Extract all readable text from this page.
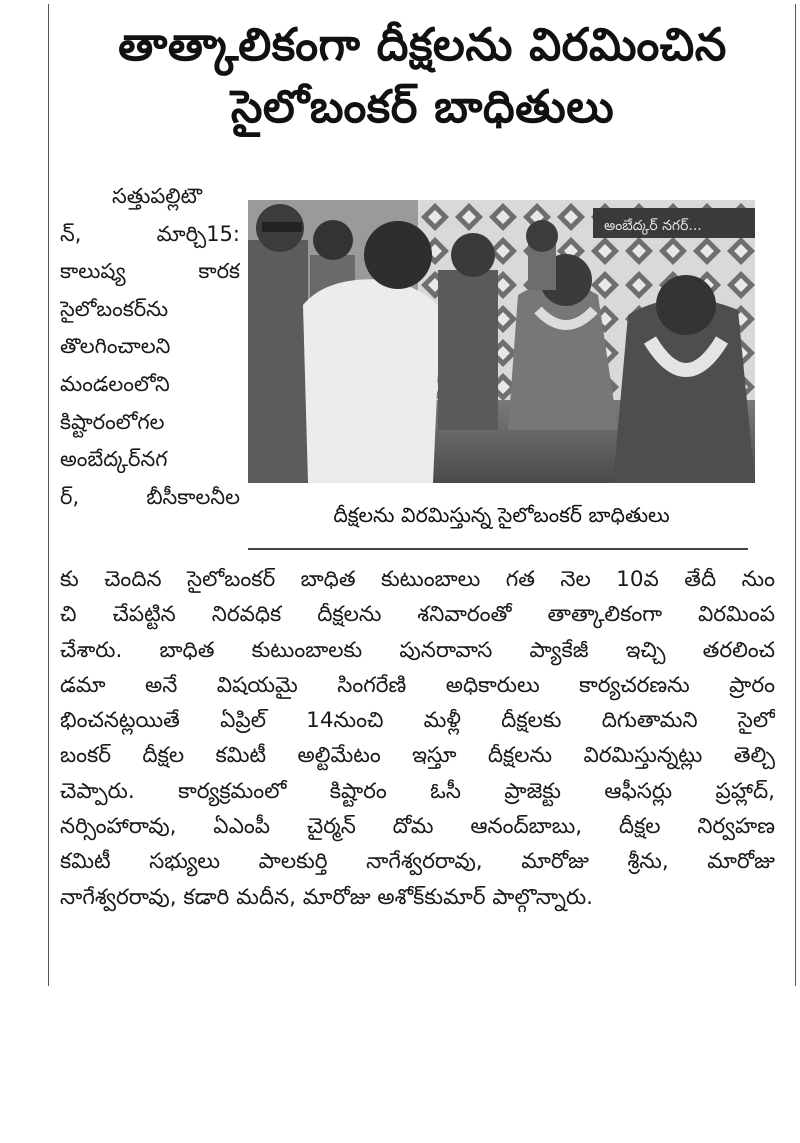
తాత్కాలికంగా దీక్షలను విరమించిన
సైలోబంకర్ బాధితులు
సత్తుపల్లిటౌ
న్, మార్చి15:
కాలుష్య కారక
సైలోబంకర్‌ను
తొలగించాలని
మండలంలోని
కిష్టారంలోగల
అంబేద్కర్‌నగ
ర్, బీసీకాలనీల
అంబేద్కర్ నగర్...
దీక్షలను విరమిస్తున్న సైలోబంకర్ బాధితులు
కు చెందిన సైలోబంకర్ బాధిత కుటుంబాలు గత నెల 10వ తేదీ నుం
చి చేపట్టిన నిరవధిక దీక్షలను శనివారంతో తాత్కాలికంగా విరమింప
చేశారు. బాధిత కుటుంబాలకు పునరావాస ప్యాకేజీ ఇచ్చి తరలించ
డమా అనే విషయమై సింగరేణి అధికారులు కార్యచరణను ప్రారం
భించనట్లయితే ఏప్రిల్ 14నుంచి మళ్లీ దీక్షలకు దిగుతామని సైలో
బంకర్ దీక్షల కమిటీ అల్టిమేటం ఇస్తూ దీక్షలను విరమిస్తున్నట్లు తెల్చి
చెప్పారు. కార్యక్రమంలో కిష్టారం ఓసీ ప్రాజెక్టు ఆఫీసర్లు ప్రహ్లాద్,
నర్సింహారావు, ఏఎంపీ చైర్మన్ దోమ ఆనంద్‌బాబు, దీక్షల నిర్వహణ
కమిటీ సభ్యులు పాలకుర్తి నాగేశ్వరరావు, మారోజు శ్రీను, మారోజు
నాగేశ్వరరావు, కడారి మదీన, మారోజు అశోక్‌కుమార్ పాల్గొన్నారు.
